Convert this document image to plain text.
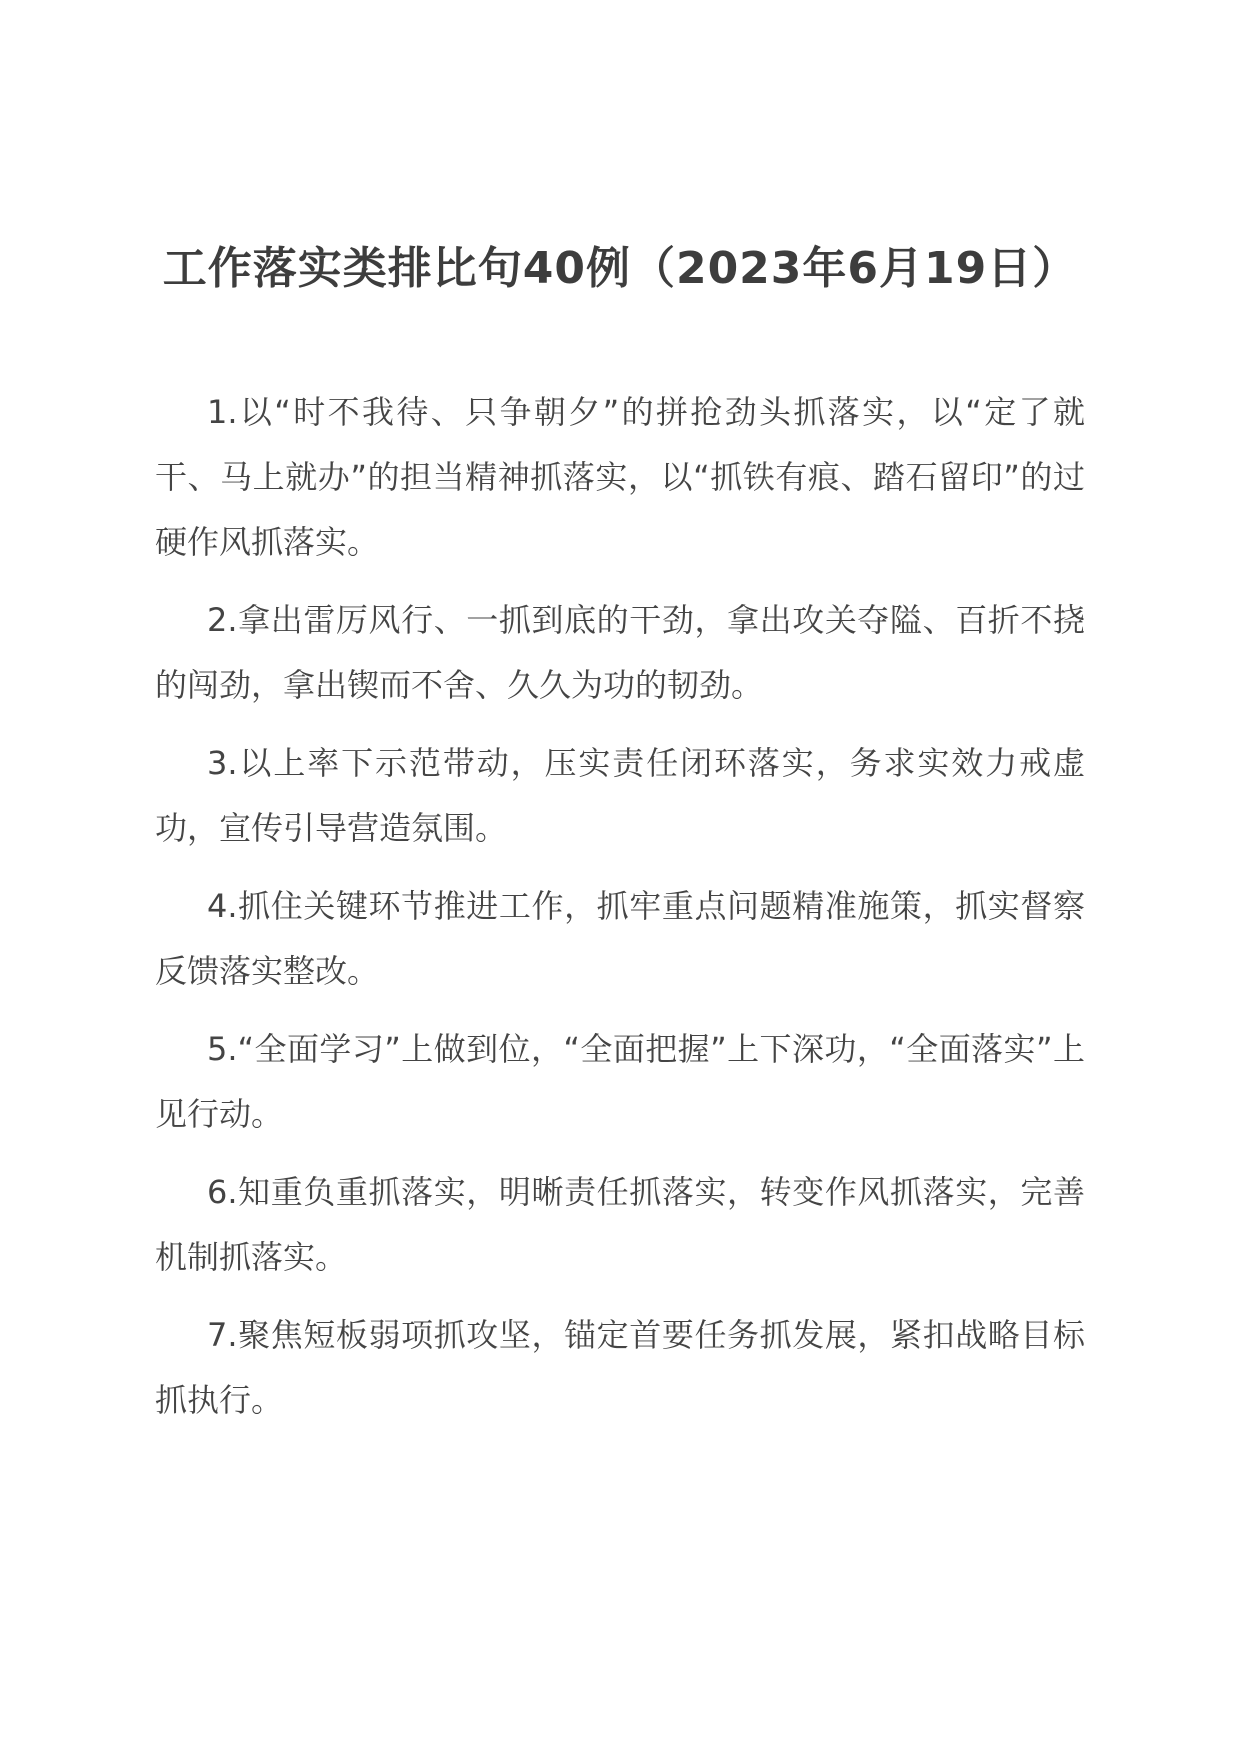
工作落实类排比句40例（2023年6月19日）

1.以“时不我待、只争朝夕”的拼抢劲头抓落实，以“定了就干、马上就办”的担当精神抓落实，以“抓铁有痕、踏石留印”的过硬作风抓落实。

2.拿出雷厉风行、一抓到底的干劲，拿出攻关夺隘、百折不挠的闯劲，拿出锲而不舍、久久为功的韧劲。

3.以上率下示范带动，压实责任闭环落实，务求实效力戒虚功，宣传引导营造氛围。

4.抓住关键环节推进工作，抓牢重点问题精准施策，抓实督察反馈落实整改。

5.“全面学习”上做到位，“全面把握”上下深功，“全面落实”上见行动。

6.知重负重抓落实，明晰责任抓落实，转变作风抓落实，完善机制抓落实。

7.聚焦短板弱项抓攻坚，锚定首要任务抓发展，紧扣战略目标抓执行。
